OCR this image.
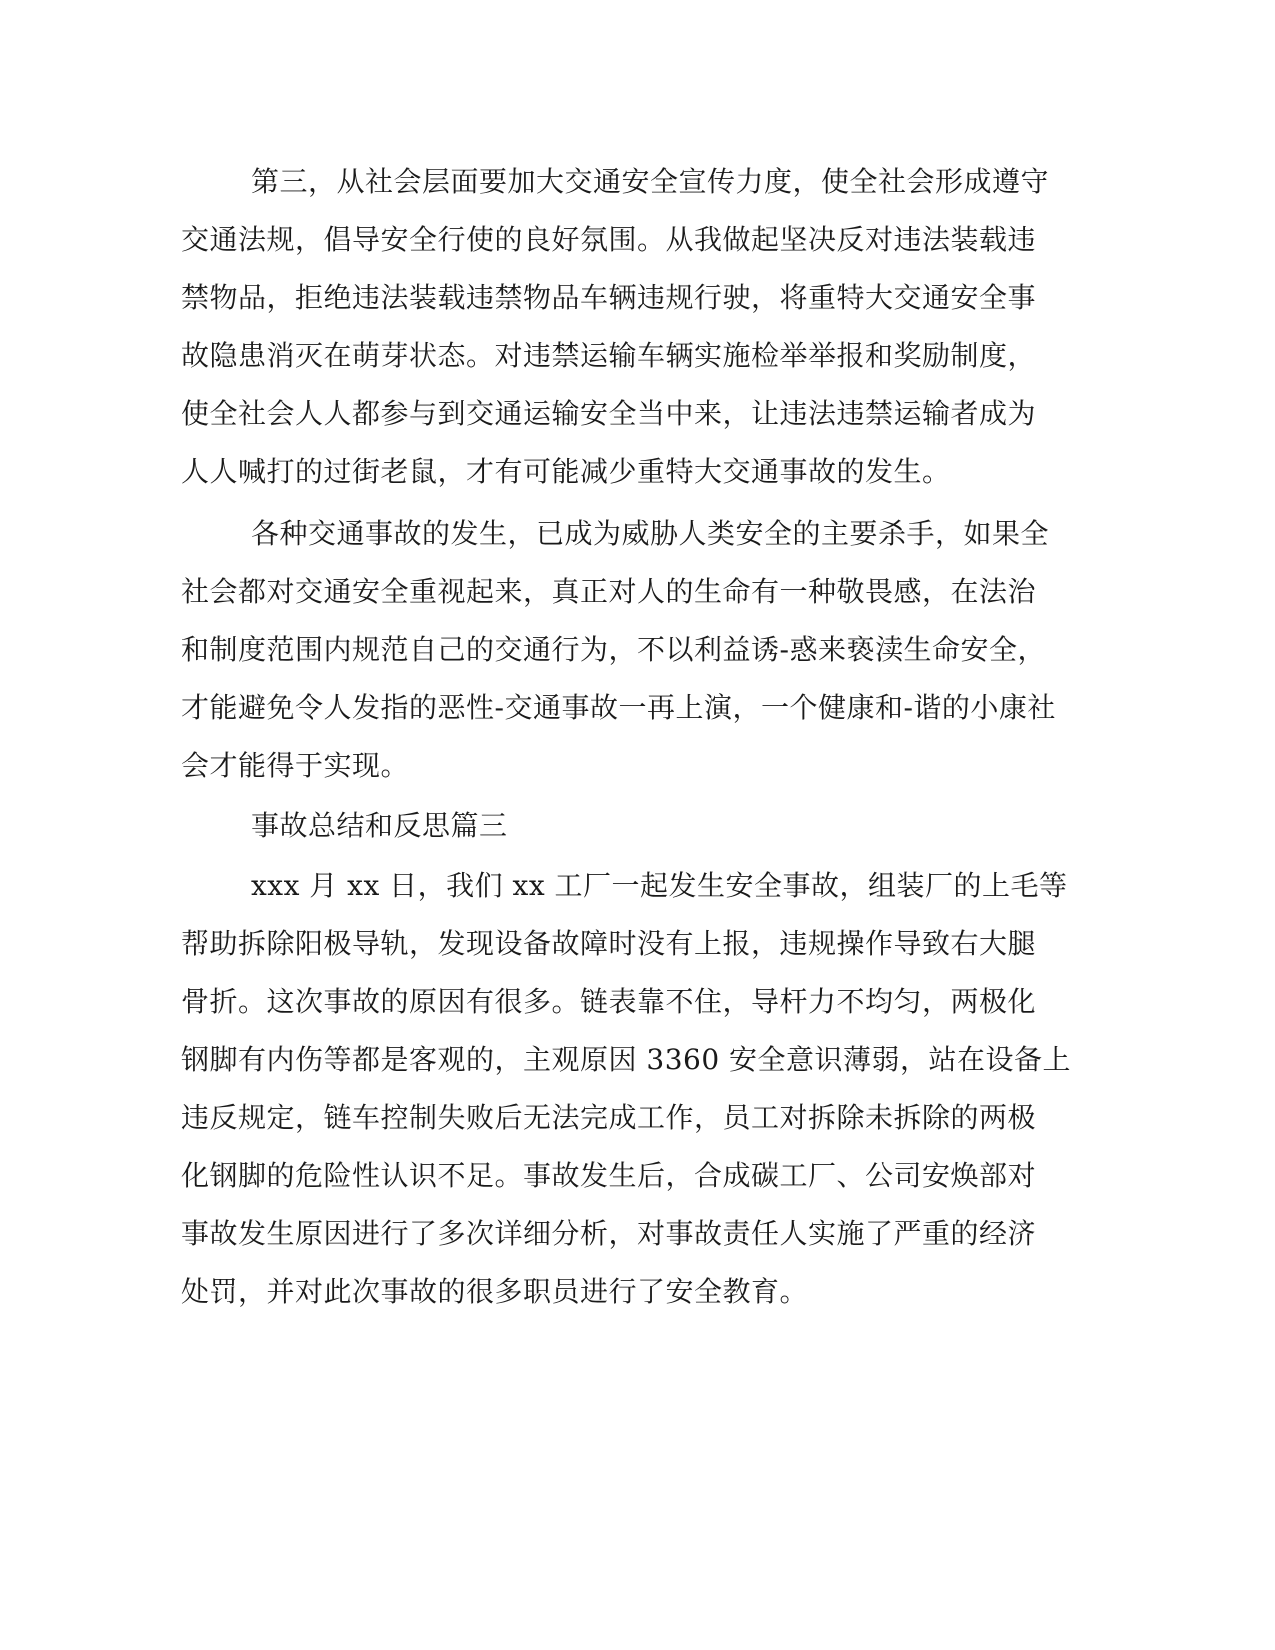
第三，从社会层面要加大交通安全宣传力度，使全社会形成遵守
交通法规，倡导安全行使的良好氛围。从我做起坚决反对违法装载违
禁物品，拒绝违法装载违禁物品车辆违规行驶，将重特大交通安全事
故隐患消灭在萌芽状态。对违禁运输车辆实施检举举报和奖励制度，
使全社会人人都参与到交通运输安全当中来，让违法违禁运输者成为
人人喊打的过街老鼠，才有可能减少重特大交通事故的发生。
各种交通事故的发生，已成为威胁人类安全的主要杀手，如果全
社会都对交通安全重视起来，真正对人的生命有一种敬畏感，在法治
和制度范围内规范自己的交通行为，不以利益诱-惑来亵渎生命安全，
才能避免令人发指的恶性-交通事故一再上演，一个健康和-谐的小康社
会才能得于实现。
事故总结和反思篇三
xxx 月 xx 日，我们 xx 工厂一起发生安全事故，组装厂的上毛等
帮助拆除阳极导轨，发现设备故障时没有上报，违规操作导致右大腿
骨折。这次事故的原因有很多。链表靠不住，导杆力不均匀，两极化
钢脚有内伤等都是客观的，主观原因 3360 安全意识薄弱，站在设备上
违反规定，链车控制失败后无法完成工作，员工对拆除未拆除的两极
化钢脚的危险性认识不足。事故发生后，合成碳工厂、公司安焕部对
事故发生原因进行了多次详细分析，对事故责任人实施了严重的经济
处罚，并对此次事故的很多职员进行了安全教育。
